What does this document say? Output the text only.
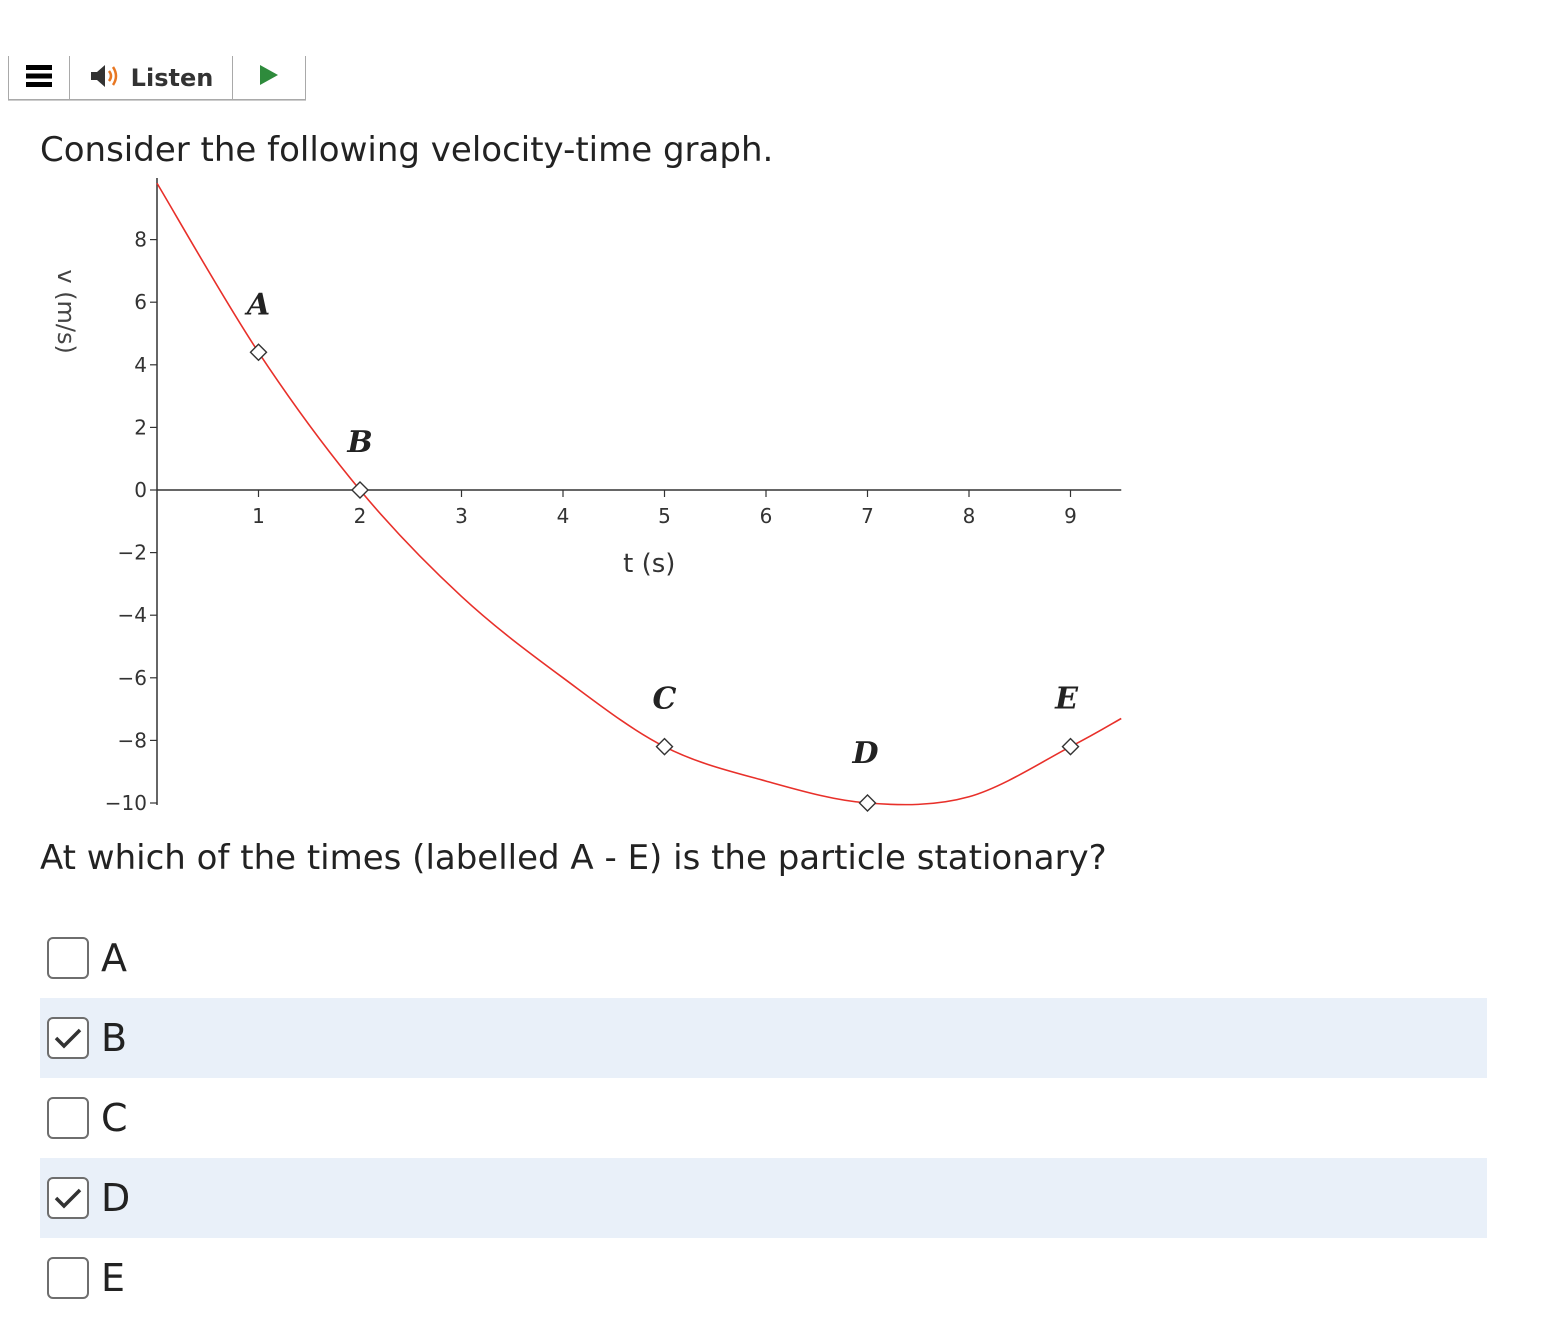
Listen
Consider the following velocity-time graph.
8
6
4
2
0
−2
−4
−6
−8
−10
1	2	3	4	5	6	7	8	9
t (s)
v (m/s)	A
B
C
D
E
At which of the times (labelled A - E) is the particle stationary?
A
B
C
D
E
